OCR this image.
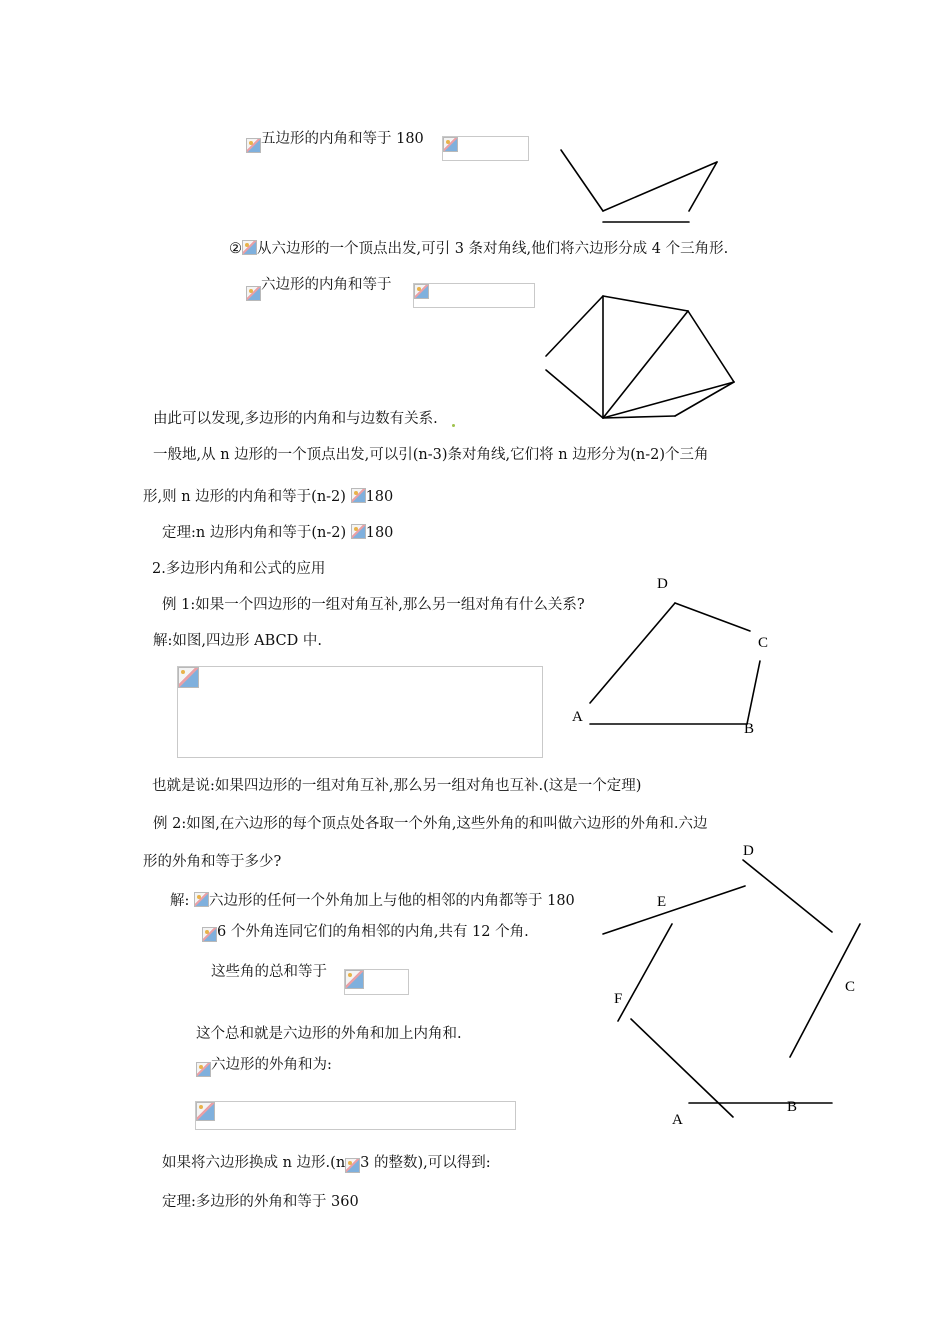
D
C
A
B
D
E
C
F
B
A
五边形的内角和等于 180
② 从六边形的一个顶点出发,可引 3 条对角线,他们将六边形分成 4 个三角形.
六边形的内角和等于
由此可以发现,多边形的内角和与边数有关系.
一般地,从 n 边形的一个顶点出发,可以引(n-3)条对角线,它们将 n 边形分为(n-2)个三角
形,则 n 边形的内角和等于(n-2) 180
定理:n 边形内角和等于(n-2) 180
2.多边形内角和公式的应用
例 1:如果一个四边形的一组对角互补,那么另一组对角有什么关系?
解:如图,四边形 ABCD 中.
也就是说:如果四边形的一组对角互补,那么另一组对角也互补.(这是一个定理)
例 2:如图,在六边形的每个顶点处各取一个外角,这些外角的和叫做六边形的外角和.六边
形的外角和等于多少?
解: 六边形的任何一个外角加上与他的相邻的内角都等于 180
6 个外角连同它们的角相邻的内角,共有 12 个角.
这些角的总和等于
这个总和就是六边形的外角和加上内角和.
六边形的外角和为:
如果将六边形换成 n 边形.(n 3 的整数),可以得到:
定理:多边形的外角和等于 360
